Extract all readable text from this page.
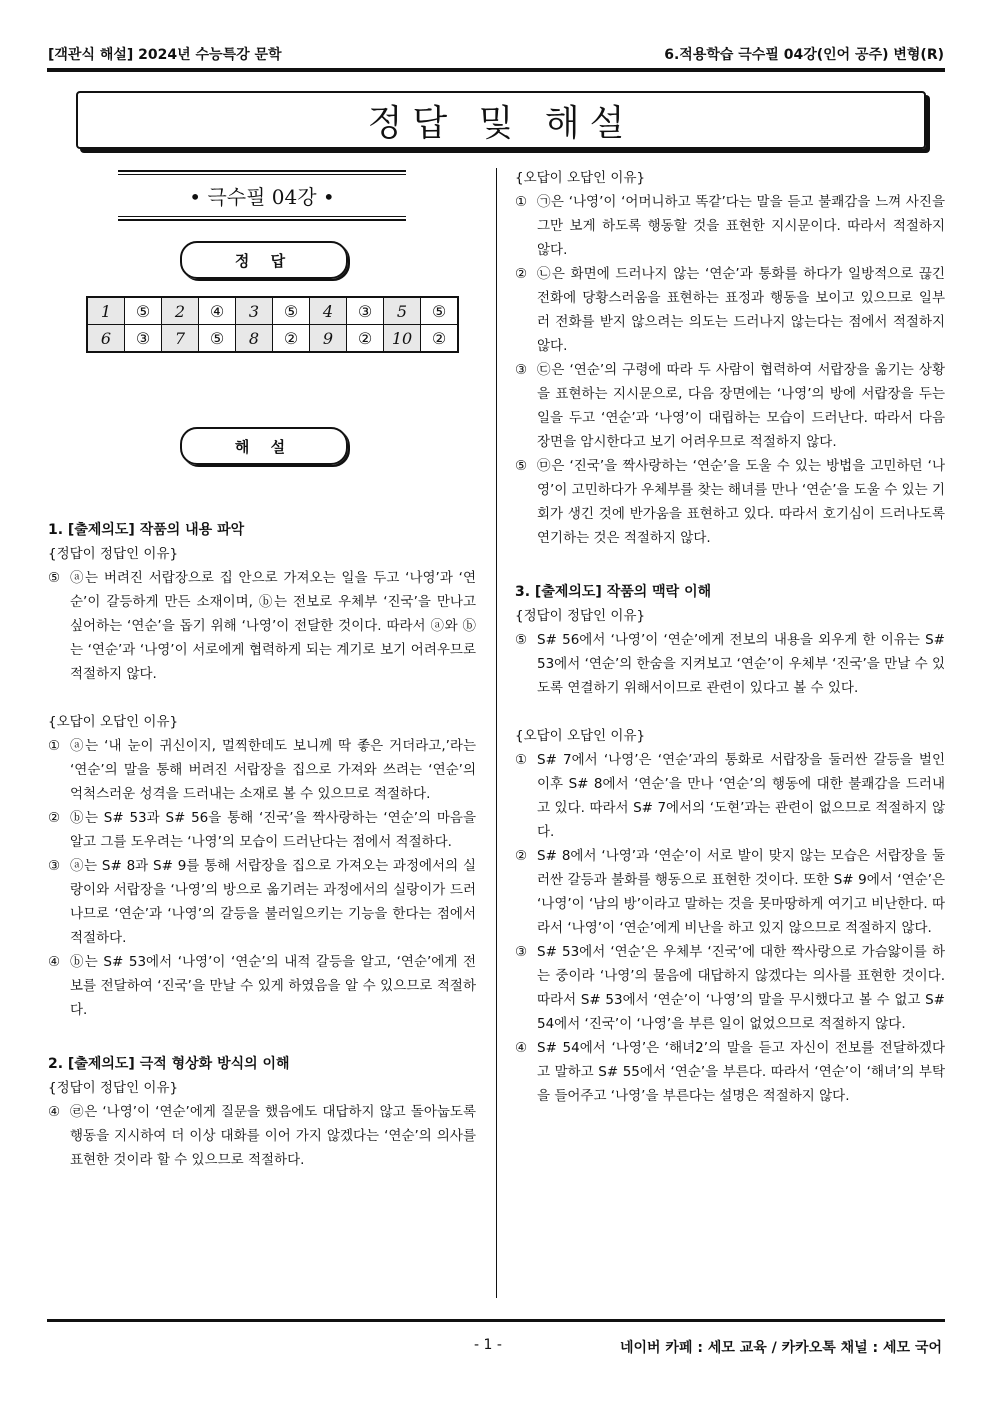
[객관식 해설] 2024년 수능특강 문학	6.적용학습 극수필 04강(인어 공주) 변형(R)
정답 및 해설
• 극수필 04강 •
정 답
1	⑤	2	④	3	⑤	4	③	5	⑤
6	③	7	⑤	8	②	9	②	10	②
해 설
1. [출제의도] 작품의 내용 파악
{정답이 정답인 이유}
⑤ ⓐ는 버려진 서랍장으로 집 안으로 가져오는 일을 두고 ‘나영’과 ‘연순’이 갈등하게 만든 소재이며, ⓑ는 전보로 우체부 ‘진국’을 만나고 싶어하는 ‘연순’을 돕기 위해 ‘나영’이 전달한 것이다. 따라서 ⓐ와 ⓑ는 ‘연순’과 ‘나영’이 서로에게 협력하게 되는 계기로 보기 어려우므로 적절하지 않다.
{오답이 오답인 이유}
① ⓐ는 ‘내 눈이 귀신이지, 멀찍한데도 보니께 딱 좋은 거더라고,’라는 ‘연순’의 말을 통해 버려진 서랍장을 집으로 가져와 쓰려는 ‘연순’의 억척스러운 성격을 드러내는 소재로 볼 수 있으므로 적절하다.
② ⓑ는 S# 53과 S# 56을 통해 ‘진국’을 짝사랑하는 ‘연순’의 마음을 알고 그를 도우려는 ‘나영’의 모습이 드러난다는 점에서 적절하다.
③ ⓐ는 S# 8과 S# 9를 통해 서랍장을 집으로 가져오는 과정에서의 실랑이와 서랍장을 ‘나영’의 방으로 옮기려는 과정에서의 실랑이가 드러나므로 ‘연순’과 ‘나영’의 갈등을 불러일으키는 기능을 한다는 점에서 적절하다.
④ ⓑ는 S# 53에서 ‘나영’이 ‘연순’의 내적 갈등을 알고, ‘연순’에게 전보를 전달하여 ‘진국’을 만날 수 있게 하였음을 알 수 있으므로 적절하다.
2. [출제의도] 극적 형상화 방식의 이해
{정답이 정답인 이유}
④ ㉣은 ‘나영’이 ‘연순’에게 질문을 했음에도 대답하지 않고 돌아눕도록 행동을 지시하여 더 이상 대화를 이어 가지 않겠다는 ‘연순’의 의사를 표현한 것이라 할 수 있으므로 적절하다.
{오답이 오답인 이유}
① ㉠은 ‘나영’이 ‘어머니하고 똑같’다는 말을 듣고 불쾌감을 느껴 사진을 그만 보게 하도록 행동할 것을 표현한 지시문이다. 따라서 적절하지 않다.
② ㉡은 화면에 드러나지 않는 ‘연순’과 통화를 하다가 일방적으로 끊긴 전화에 당황스러움을 표현하는 표정과 행동을 보이고 있으므로 일부러 전화를 받지 않으려는 의도는 드러나지 않는다는 점에서 적절하지 않다.
③ ㉢은 ‘연순’의 구령에 따라 두 사람이 협력하여 서랍장을 옮기는 상황을 표현하는 지시문으로, 다음 장면에는 ‘나영’의 방에 서랍장을 두는 일을 두고 ‘연순’과 ‘나영’이 대립하는 모습이 드러난다. 따라서 다음 장면을 암시한다고 보기 어려우므로 적절하지 않다.
⑤ ㉤은 ‘진국’을 짝사랑하는 ‘연순’을 도울 수 있는 방법을 고민하던 ‘나영’이 고민하다가 우체부를 찾는 해녀를 만나 ‘연순’을 도울 수 있는 기회가 생긴 것에 반가움을 표현하고 있다. 따라서 호기심이 드러나도록 연기하는 것은 적절하지 않다.
3. [출제의도] 작품의 맥락 이해
{정답이 정답인 이유}
⑤ S# 56에서 ‘나영’이 ‘연순’에게 전보의 내용을 외우게 한 이유는 S# 53에서 ‘연순’의 한숨을 지켜보고 ‘연순’이 우체부 ‘진국’을 만날 수 있도록 연결하기 위해서이므로 관련이 있다고 볼 수 있다.
{오답이 오답인 이유}
① S# 7에서 ‘나영’은 ‘연순’과의 통화로 서랍장을 둘러싼 갈등을 벌인 이후 S# 8에서 ‘연순’을 만나 ‘연순’의 행동에 대한 불쾌감을 드러내고 있다. 따라서 S# 7에서의 ‘도현’과는 관련이 없으므로 적절하지 않다.
② S# 8에서 ‘나영’과 ‘연순’이 서로 발이 맞지 않는 모습은 서랍장을 둘러싼 갈등과 불화를 행동으로 표현한 것이다. 또한 S# 9에서 ‘연순’은 ‘나영’이 ‘남의 방’이라고 말하는 것을 못마땅하게 여기고 비난한다. 따라서 ‘나영’이 ‘연순’에게 비난을 하고 있지 않으므로 적절하지 않다.
③ S# 53에서 ‘연순’은 우체부 ‘진국’에 대한 짝사랑으로 가슴앓이를 하는 중이라 ‘나영’의 물음에 대답하지 않겠다는 의사를 표현한 것이다. 따라서 S# 53에서 ‘연순’이 ‘나영’의 말을 무시했다고 볼 수 없고 S# 54에서 ‘진국’이 ‘나영’을 부른 일이 없었으므로 적절하지 않다.
④ S# 54에서 ‘나영’은 ‘해녀2’의 말을 듣고 자신이 전보를 전달하겠다고 말하고 S# 55에서 ‘연순’을 부른다. 따라서 ‘연순’이 ‘해녀’의 부탁을 들어주고 ‘나영’을 부른다는 설명은 적절하지 않다.
- 1 -	네이버 카페 : 세모 교육 / 카카오톡 채널 : 세모 국어
